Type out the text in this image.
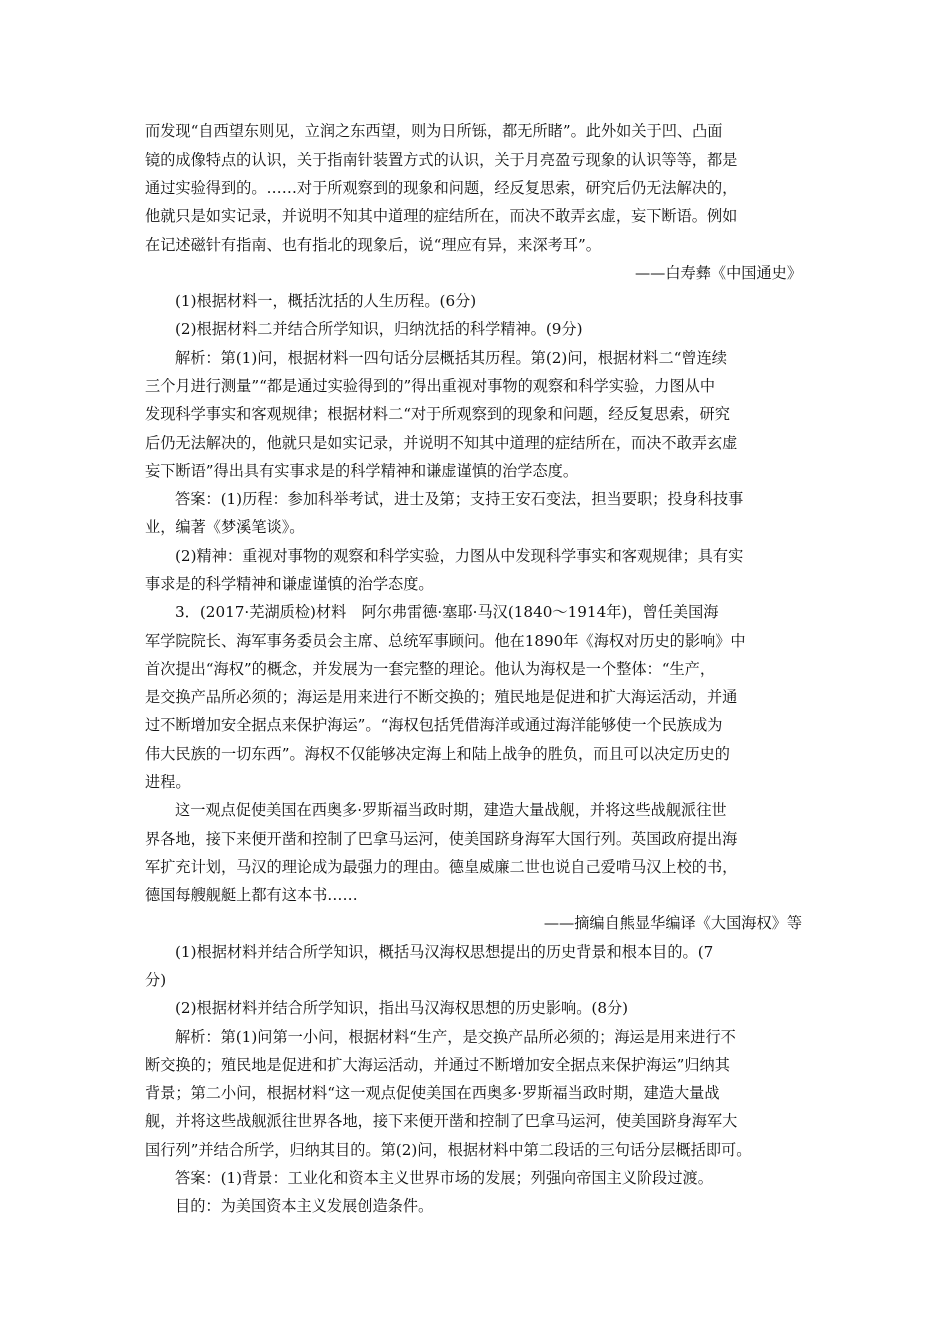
而发现“自西望东则见，立润之东西望，则为日所铄，都无所睹”。此外如关于凹、凸面
镜的成像特点的认识，关于指南针装置方式的认识，关于月亮盈亏现象的认识等等，都是
通过实验得到的。……对于所观察到的现象和问题，经反复思索，研究后仍无法解决的，
他就只是如实记录，并说明不知其中道理的症结所在，而决不敢弄玄虚，妄下断语。例如
在记述磁针有指南、也有指北的现象后，说“理应有异，来深考耳”。
——白寿彝《中国通史》
(1)根据材料一，概括沈括的人生历程。(6分)
(2)根据材料二并结合所学知识，归纳沈括的科学精神。(9分)
解析：第(1)问，根据材料一四句话分层概括其历程。第(2)问，根据材料二“曾连续
三个月进行测量”“都是通过实验得到的”得出重视对事物的观察和科学实验，力图从中
发现科学事实和客观规律；根据材料二“对于所观察到的现象和问题，经反复思索，研究
后仍无法解决的，他就只是如实记录，并说明不知其中道理的症结所在，而决不敢弄玄虚
妄下断语”得出具有实事求是的科学精神和谦虚谨慎的治学态度。
答案：(1)历程：参加科举考试，进士及第；支持王安石变法，担当要职；投身科技事
业，编著《梦溪笔谈》。
(2)精神：重视对事物的观察和科学实验，力图从中发现科学事实和客观规律；具有实
事求是的科学精神和谦虚谨慎的治学态度。
3．(2017·芜湖质检)材料　阿尔弗雷德·塞耶·马汉(1840～1914年)，曾任美国海
军学院院长、海军事务委员会主席、总统军事顾问。他在1890年《海权对历史的影响》中
首次提出“海权”的概念，并发展为一套完整的理论。他认为海权是一个整体：“生产，
是交换产品所必须的；海运是用来进行不断交换的；殖民地是促进和扩大海运活动，并通
过不断增加安全据点来保护海运”。“海权包括凭借海洋或通过海洋能够使一个民族成为
伟大民族的一切东西”。海权不仅能够决定海上和陆上战争的胜负，而且可以决定历史的
进程。
这一观点促使美国在西奥多·罗斯福当政时期，建造大量战舰，并将这些战舰派往世
界各地，接下来便开凿和控制了巴拿马运河，使美国跻身海军大国行列。英国政府提出海
军扩充计划，马汉的理论成为最强力的理由。德皇威廉二世也说自己爱啃马汉上校的书，
德国每艘舰艇上都有这本书……
——摘编自熊显华编译《大国海权》等
(1)根据材料并结合所学知识，概括马汉海权思想提出的历史背景和根本目的。(7
分)
(2)根据材料并结合所学知识，指出马汉海权思想的历史影响。(8分)
解析：第(1)问第一小问，根据材料“生产，是交换产品所必须的；海运是用来进行不
断交换的；殖民地是促进和扩大海运活动，并通过不断增加安全据点来保护海运”归纳其
背景；第二小问，根据材料“这一观点促使美国在西奥多·罗斯福当政时期，建造大量战
舰，并将这些战舰派往世界各地，接下来便开凿和控制了巴拿马运河，使美国跻身海军大
国行列”并结合所学，归纳其目的。第(2)问，根据材料中第二段话的三句话分层概括即可。
答案：(1)背景：工业化和资本主义世界市场的发展；列强向帝国主义阶段过渡。
目的：为美国资本主义发展创造条件。
